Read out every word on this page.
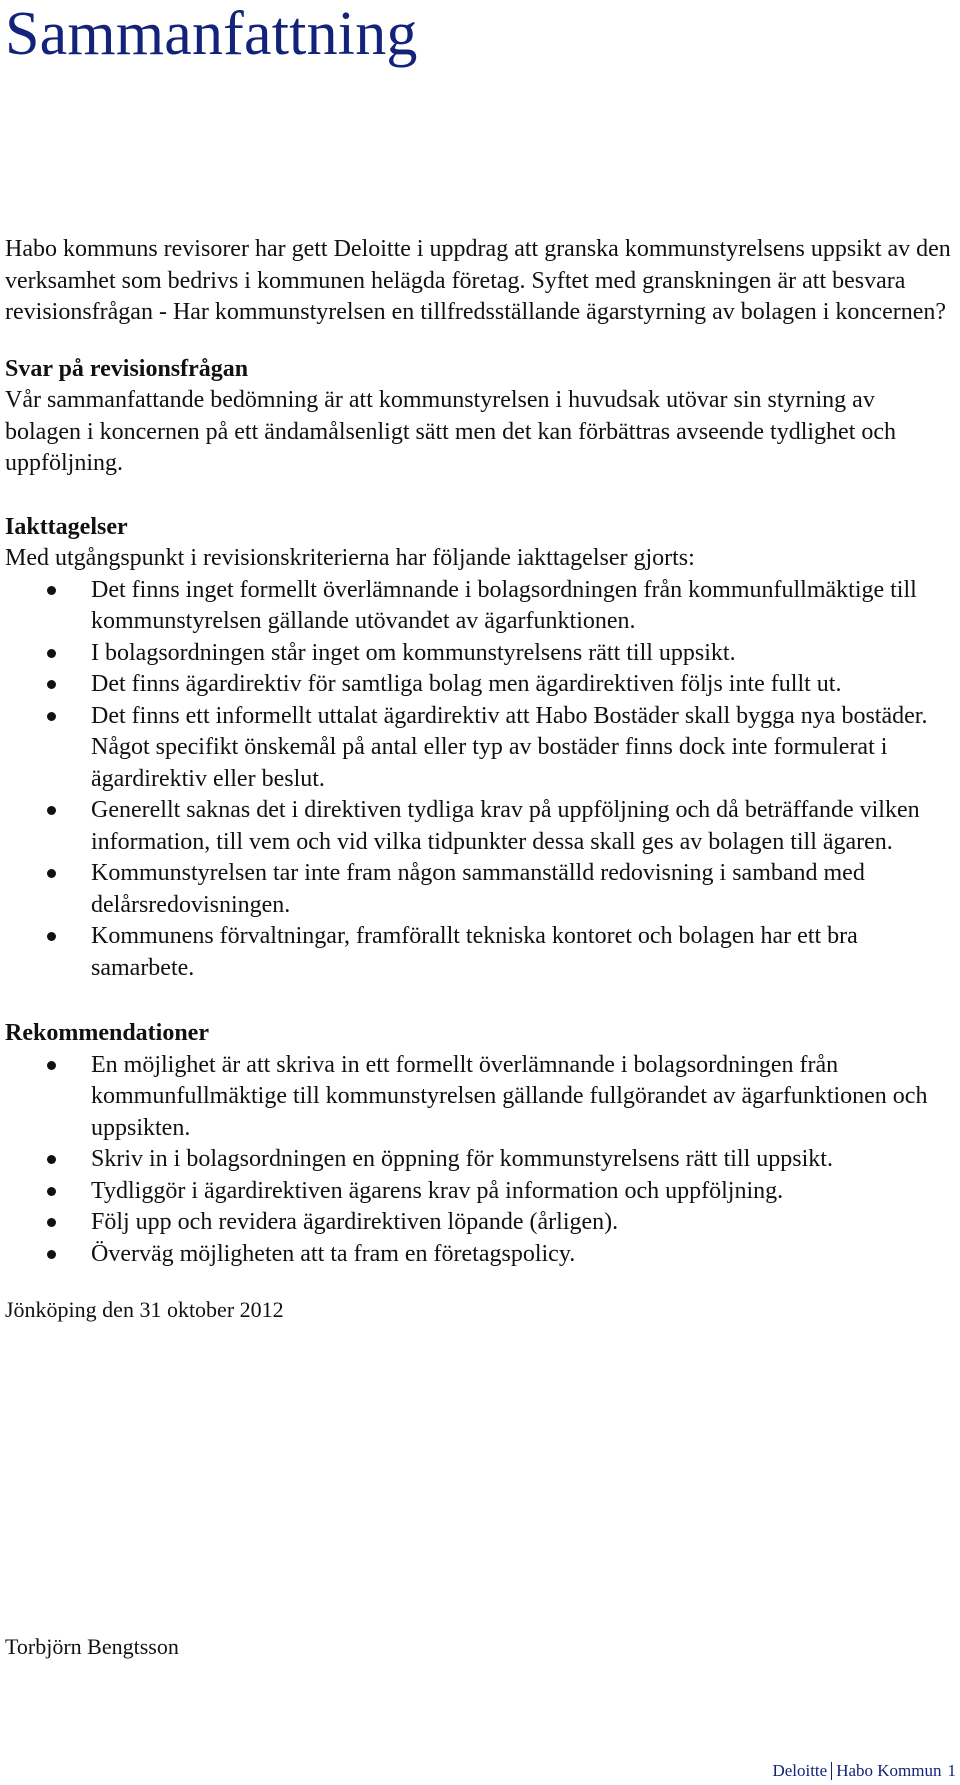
Sammanfattning

Habo kommuns revisorer har gett Deloitte i uppdrag att granska kommunstyrelsens uppsikt av den verksamhet som bedrivs i kommunen helägda företag. Syftet med granskningen är att besvara revisionsfrågan - Har kommunstyrelsen en tillfredsställande ägarstyrning av bolagen i koncernen?

Svar på revisionsfrågan

Vår sammanfattande bedömning är att kommunstyrelsen i huvudsak utövar sin styrning av bolagen i koncernen på ett ändamålsenligt sätt men det kan förbättras avseende tydlighet och uppföljning.

Iakttagelser

Med utgångspunkt i revisionskriterierna har följande iakttagelser gjorts:

Det finns inget formellt överlämnande i bolagsordningen från kommunfullmäktige till kommunstyrelsen gällande utövandet av ägarfunktionen.
I bolagsordningen står inget om kommunstyrelsens rätt till uppsikt.
Det finns ägardirektiv för samtliga bolag men ägardirektiven följs inte fullt ut.
Det finns ett informellt uttalat ägardirektiv att Habo Bostäder skall bygga nya bostäder. Något specifikt önskemål på antal eller typ av bostäder finns dock inte formulerat i ägardirektiv eller beslut.
Generellt saknas det i direktiven tydliga krav på uppföljning och då beträffande vilken information, till vem och vid vilka tidpunkter dessa skall ges av bolagen till ägaren.
Kommunstyrelsen tar inte fram någon sammanställd redovisning i samband med delårsredovisningen.
Kommunens förvaltningar, framförallt tekniska kontoret och bolagen har ett bra samarbete.

Rekommendationer

En möjlighet är att skriva in ett formellt överlämnande i bolagsordningen från kommunfullmäktige till kommunstyrelsen gällande fullgörandet av ägarfunktionen och uppsikten.
Skriv in i bolagsordningen en öppning för kommunstyrelsens rätt till uppsikt.
Tydliggör i ägardirektiven ägarens krav på information och uppföljning.
Följ upp och revidera ägardirektiven löpande (årligen).
Överväg möjligheten att ta fram en företagspolicy.

Jönköping den 31 oktober 2012

Torbjörn Bengtsson

Deloitte Habo Kommun 1
